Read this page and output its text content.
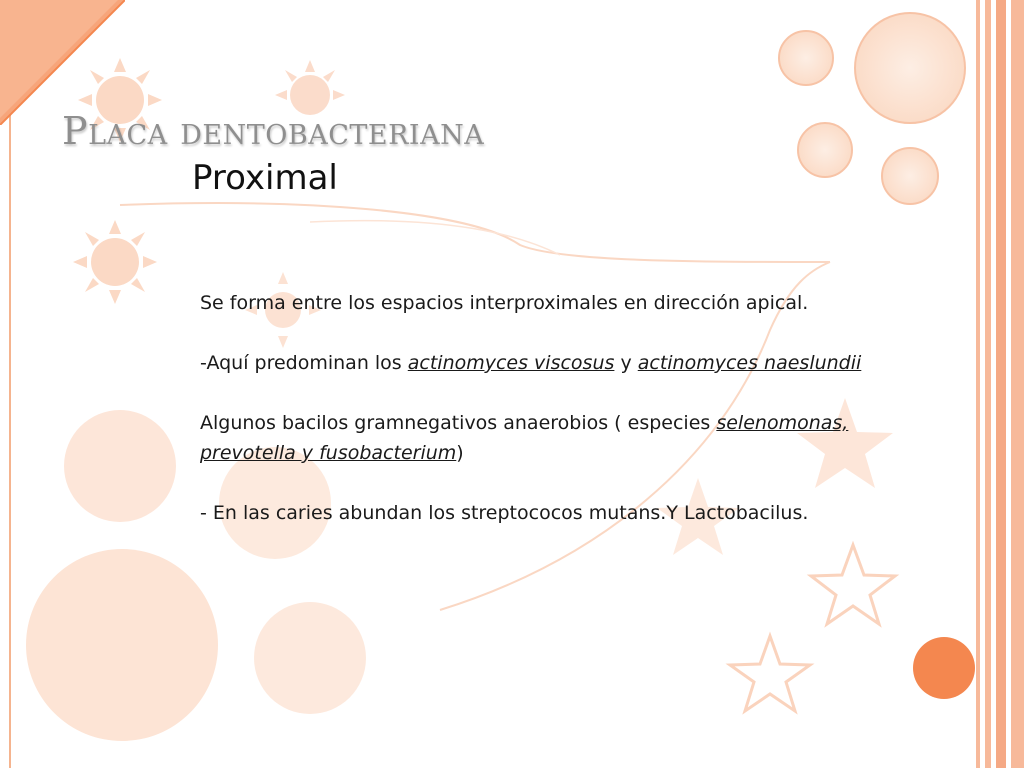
Placa dentobacteriana
Proximal

Se forma entre los espacios interproximales en dirección apical.

-Aquí predominan los actinomyces viscosus y actinomyces naeslundii

Algunos bacilos gramnegativos anaerobios ( especies selenomonas,
prevotella y fusobacterium)

- En las caries abundan los streptococos mutans.Y Lactobacilus.
